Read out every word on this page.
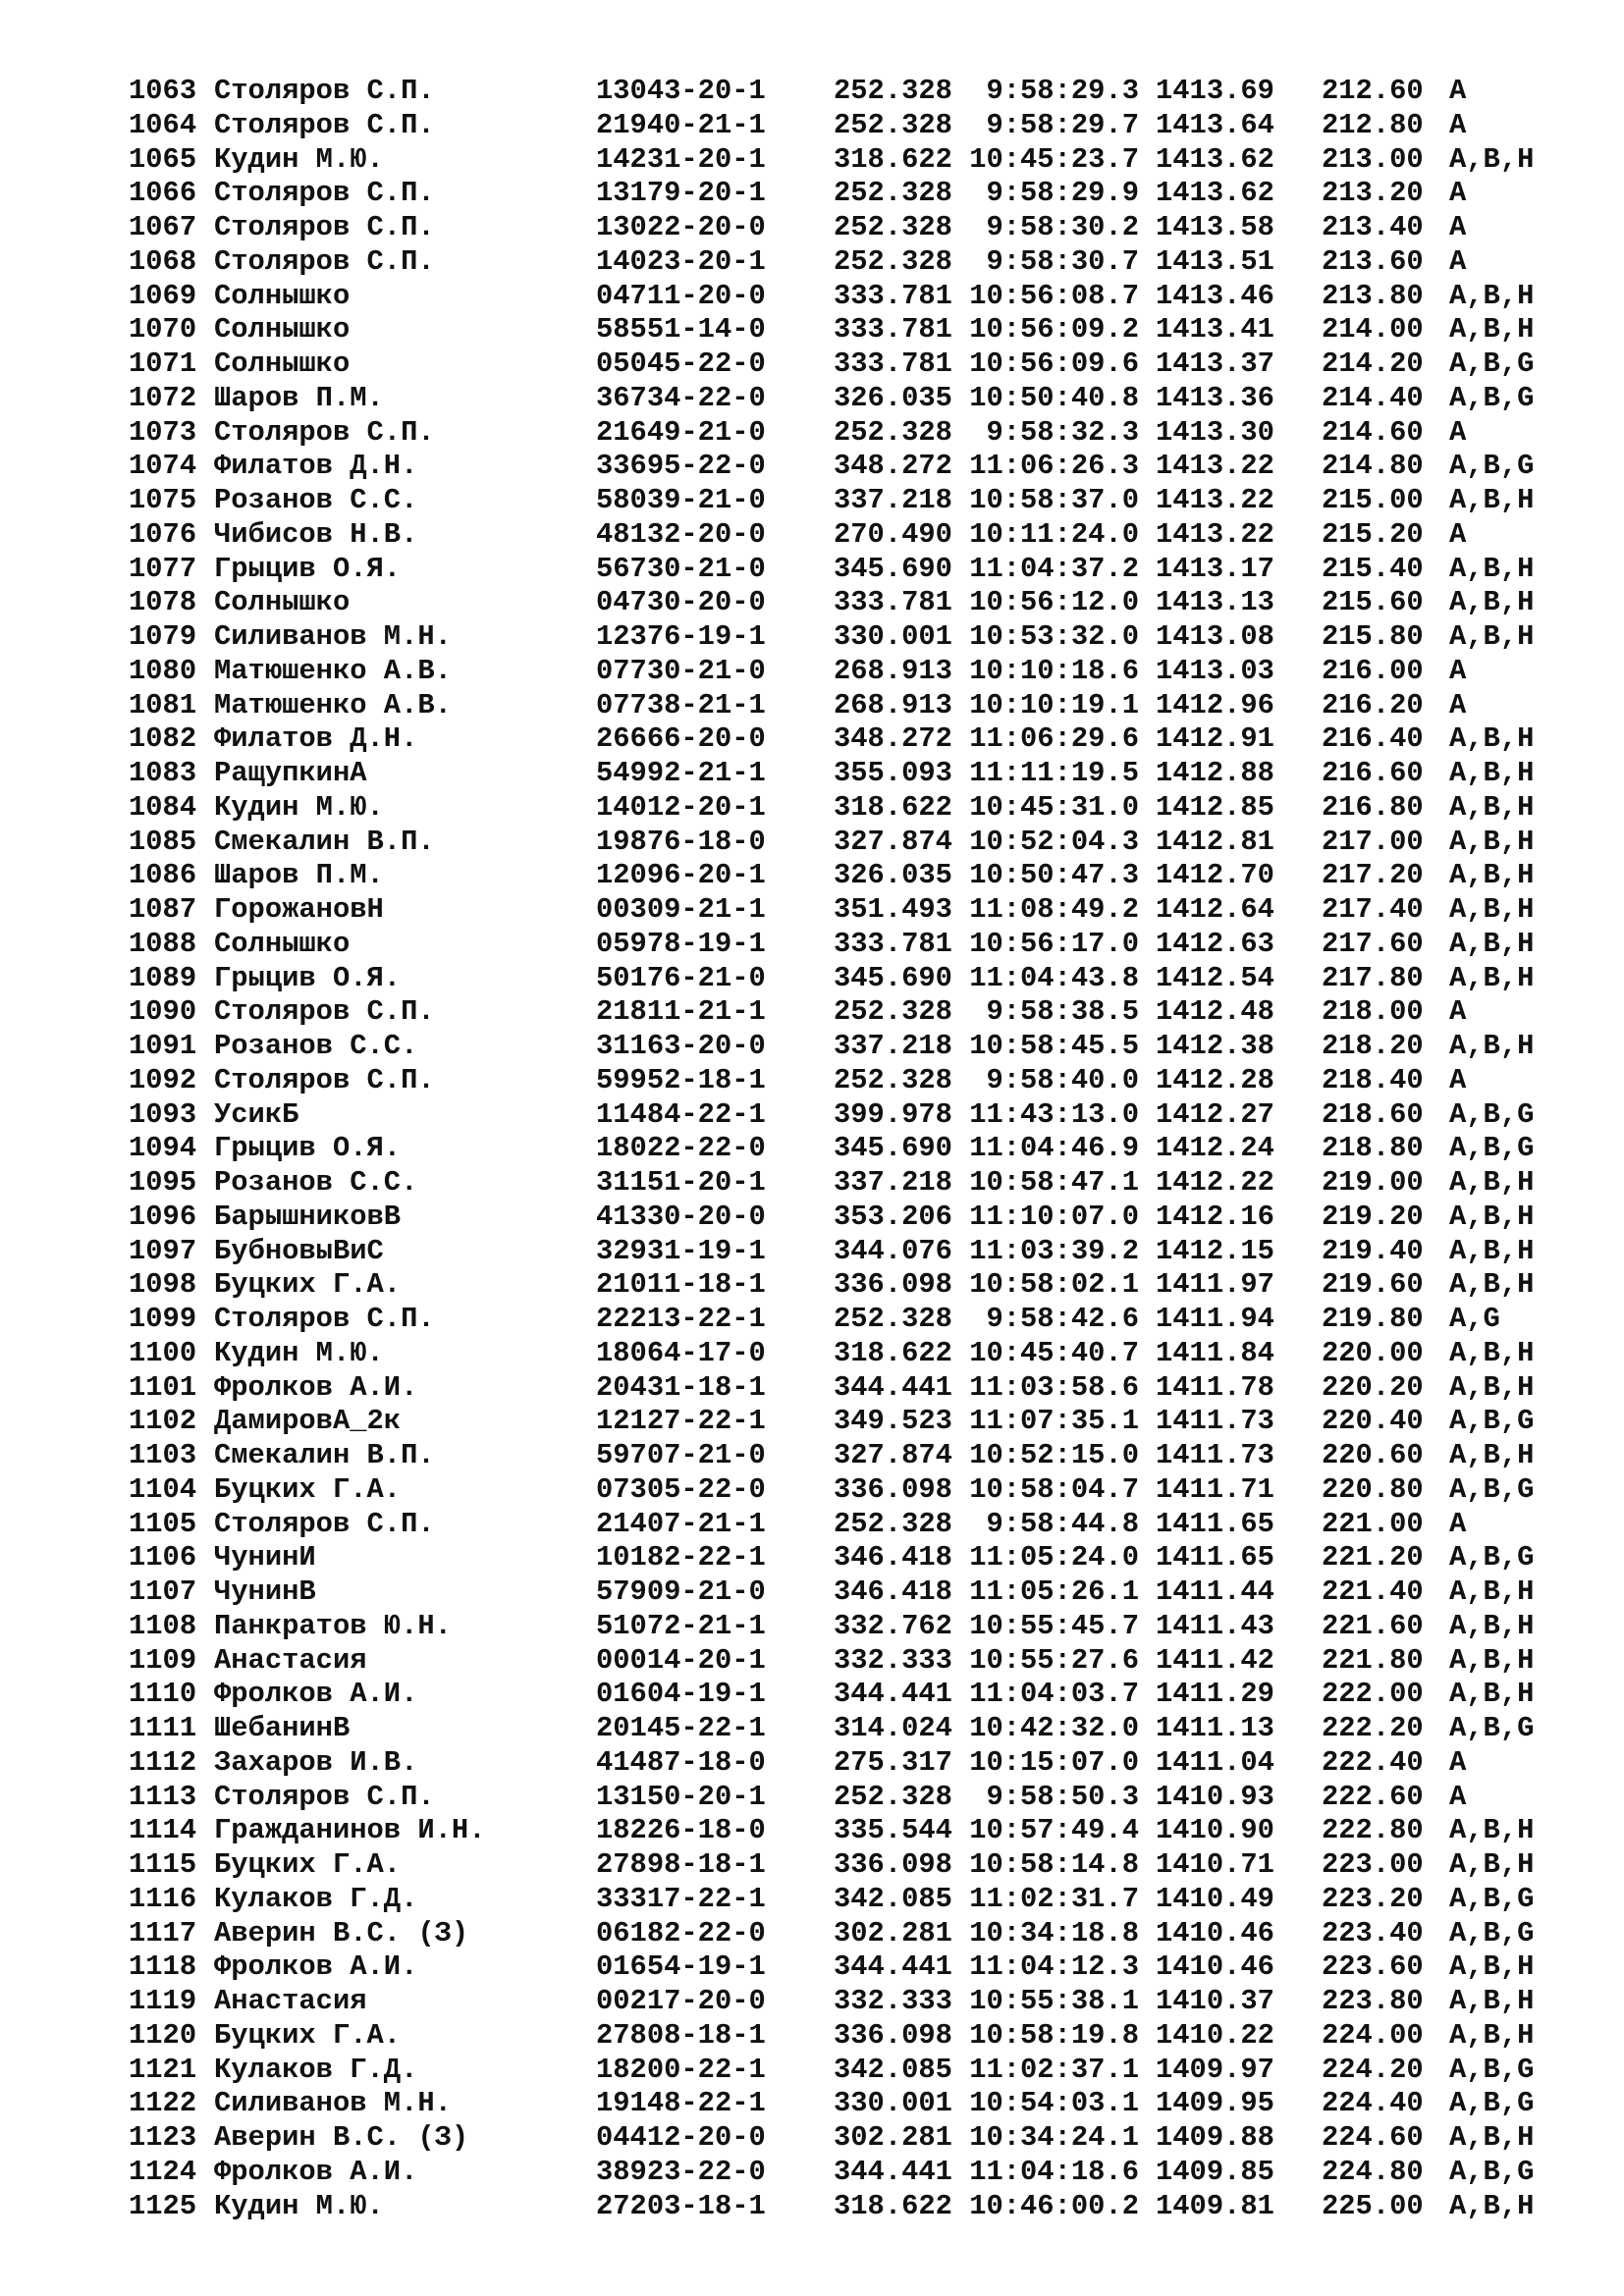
1063 Столяров С.П.	13043-20-1 252.328	9:58:29.3 1413.69 212.60 A
1064 Столяров С.П.	21940-21-1 252.328	9:58:29.7 1413.64 212.80 A
1065 Кудин М.Ю.	14231-20-1 318.622 10:45:23.7 1413.62 213.00 A,B,H
1066 Столяров С.П.	13179-20-1 252.328	9:58:29.9 1413.62 213.20 A
1067 Столяров С.П.	13022-20-0 252.328	9:58:30.2 1413.58 213.40 A
1068 Столяров С.П.	14023-20-1 252.328	9:58:30.7 1413.51 213.60 A
1069 Солнышко	04711-20-0 333.781 10:56:08.7 1413.46 213.80 A,B,H
1070 Солнышко	58551-14-0 333.781 10:56:09.2 1413.41 214.00 A,B,H
1071 Солнышко	05045-22-0 333.781 10:56:09.6 1413.37 214.20 A,B,G
1072 Шаров П.М.	36734-22-0 326.035 10:50:40.8 1413.36 214.40 A,B,G
1073 Столяров С.П.	21649-21-0 252.328	9:58:32.3 1413.30 214.60 A
1074 Филатов Д.Н.	33695-22-0 348.272 11:06:26.3 1413.22 214.80 A,B,G
1075 Розанов С.С.	58039-21-0 337.218 10:58:37.0 1413.22 215.00 A,B,H
1076 Чибисов Н.В.	48132-20-0 270.490 10:11:24.0 1413.22 215.20 A
1077 Грыцив О.Я.	56730-21-0 345.690 11:04:37.2 1413.17 215.40 A,B,H
1078 Солнышко	04730-20-0 333.781 10:56:12.0 1413.13 215.60 A,B,H
1079 Силиванов М.Н.	12376-19-1 330.001 10:53:32.0 1413.08 215.80 A,B,H
1080 Матюшенко А.В.	07730-21-0 268.913 10:10:18.6 1413.03 216.00 A
1081 Матюшенко А.В.	07738-21-1 268.913 10:10:19.1 1412.96 216.20 A
1082 Филатов Д.Н.	26666-20-0 348.272 11:06:29.6 1412.91 216.40 A,B,H
1083 РащупкинА	54992-21-1 355.093 11:11:19.5 1412.88 216.60 A,B,H
1084 Кудин М.Ю.	14012-20-1 318.622 10:45:31.0 1412.85 216.80 A,B,H
1085 Смекалин В.П.	19876-18-0 327.874 10:52:04.3 1412.81 217.00 A,B,H
1086 Шаров П.М.	12096-20-1 326.035 10:50:47.3 1412.70 217.20 A,B,H
1087 ГорожановН	00309-21-1 351.493 11:08:49.2 1412.64 217.40 A,B,H
1088 Солнышко	05978-19-1 333.781 10:56:17.0 1412.63 217.60 A,B,H
1089 Грыцив О.Я.	50176-21-0 345.690 11:04:43.8 1412.54 217.80 A,B,H
1090 Столяров С.П.	21811-21-1 252.328	9:58:38.5 1412.48 218.00 A
1091 Розанов С.С.	31163-20-0 337.218 10:58:45.5 1412.38 218.20 A,B,H
1092 Столяров С.П.	59952-18-1 252.328	9:58:40.0 1412.28 218.40 A
1093 УсикБ	11484-22-1 399.978 11:43:13.0 1412.27 218.60 A,B,G
1094 Грыцив О.Я.	18022-22-0 345.690 11:04:46.9 1412.24 218.80 A,B,G
1095 Розанов С.С.	31151-20-1 337.218 10:58:47.1 1412.22 219.00 A,B,H
1096 БарышниковВ	41330-20-0 353.206 11:10:07.0 1412.16 219.20 A,B,H
1097 БубновыВиС	32931-19-1 344.076 11:03:39.2 1412.15 219.40 A,B,H
1098 Буцких Г.А.	21011-18-1 336.098 10:58:02.1 1411.97 219.60 A,B,H
1099 Столяров С.П.	22213-22-1 252.328	9:58:42.6 1411.94 219.80 A,G
1100 Кудин М.Ю.	18064-17-0 318.622 10:45:40.7 1411.84 220.00 A,B,H
1101 Фролков А.И.	20431-18-1 344.441 11:03:58.6 1411.78 220.20 A,B,H
1102 ДамировА_2к	12127-22-1 349.523 11:07:35.1 1411.73 220.40 A,B,G
1103 Смекалин В.П.	59707-21-0 327.874 10:52:15.0 1411.73 220.60 A,B,H
1104 Буцких Г.А.	07305-22-0 336.098 10:58:04.7 1411.71 220.80 A,B,G
1105 Столяров С.П.	21407-21-1 252.328	9:58:44.8 1411.65 221.00 A
1106 ЧунинИ	10182-22-1 346.418 11:05:24.0 1411.65 221.20 A,B,G
1107 ЧунинВ	57909-21-0 346.418 11:05:26.1 1411.44 221.40 A,B,H
1108 Панкратов Ю.Н.	51072-21-1 332.762 10:55:45.7 1411.43 221.60 A,B,H
1109 Анастасия	00014-20-1 332.333 10:55:27.6 1411.42 221.80 A,B,H
1110 Фролков А.И.	01604-19-1 344.441 11:04:03.7 1411.29 222.00 A,B,H
1111 ШебанинВ	20145-22-1 314.024 10:42:32.0 1411.13 222.20 A,B,G
1112 Захаров И.В.	41487-18-0 275.317 10:15:07.0 1411.04 222.40 A
1113 Столяров С.П.	13150-20-1 252.328	9:58:50.3 1410.93 222.60 A
1114 Гражданинов И.Н.	18226-18-0 335.544 10:57:49.4 1410.90 222.80 A,B,H
1115 Буцких Г.А.	27898-18-1 336.098 10:58:14.8 1410.71 223.00 A,B,H
1116 Кулаков Г.Д.	33317-22-1 342.085 11:02:31.7 1410.49 223.20 A,B,G
1117 Аверин В.С. (З)	06182-22-0 302.281 10:34:18.8 1410.46 223.40 A,B,G
1118 Фролков А.И.	01654-19-1 344.441 11:04:12.3 1410.46 223.60 A,B,H
1119 Анастасия	00217-20-0 332.333 10:55:38.1 1410.37 223.80 A,B,H
1120 Буцких Г.А.	27808-18-1 336.098 10:58:19.8 1410.22 224.00 A,B,H
1121 Кулаков Г.Д.	18200-22-1 342.085 11:02:37.1 1409.97 224.20 A,B,G
1122 Силиванов М.Н.	19148-22-1 330.001 10:54:03.1 1409.95 224.40 A,B,G
1123 Аверин В.С. (З)	04412-20-0 302.281 10:34:24.1 1409.88 224.60 A,B,H
1124 Фролков А.И.	38923-22-0 344.441 11:04:18.6 1409.85 224.80 A,B,G
1125 Кудин М.Ю.	27203-18-1 318.622 10:46:00.2 1409.81 225.00 A,B,H
